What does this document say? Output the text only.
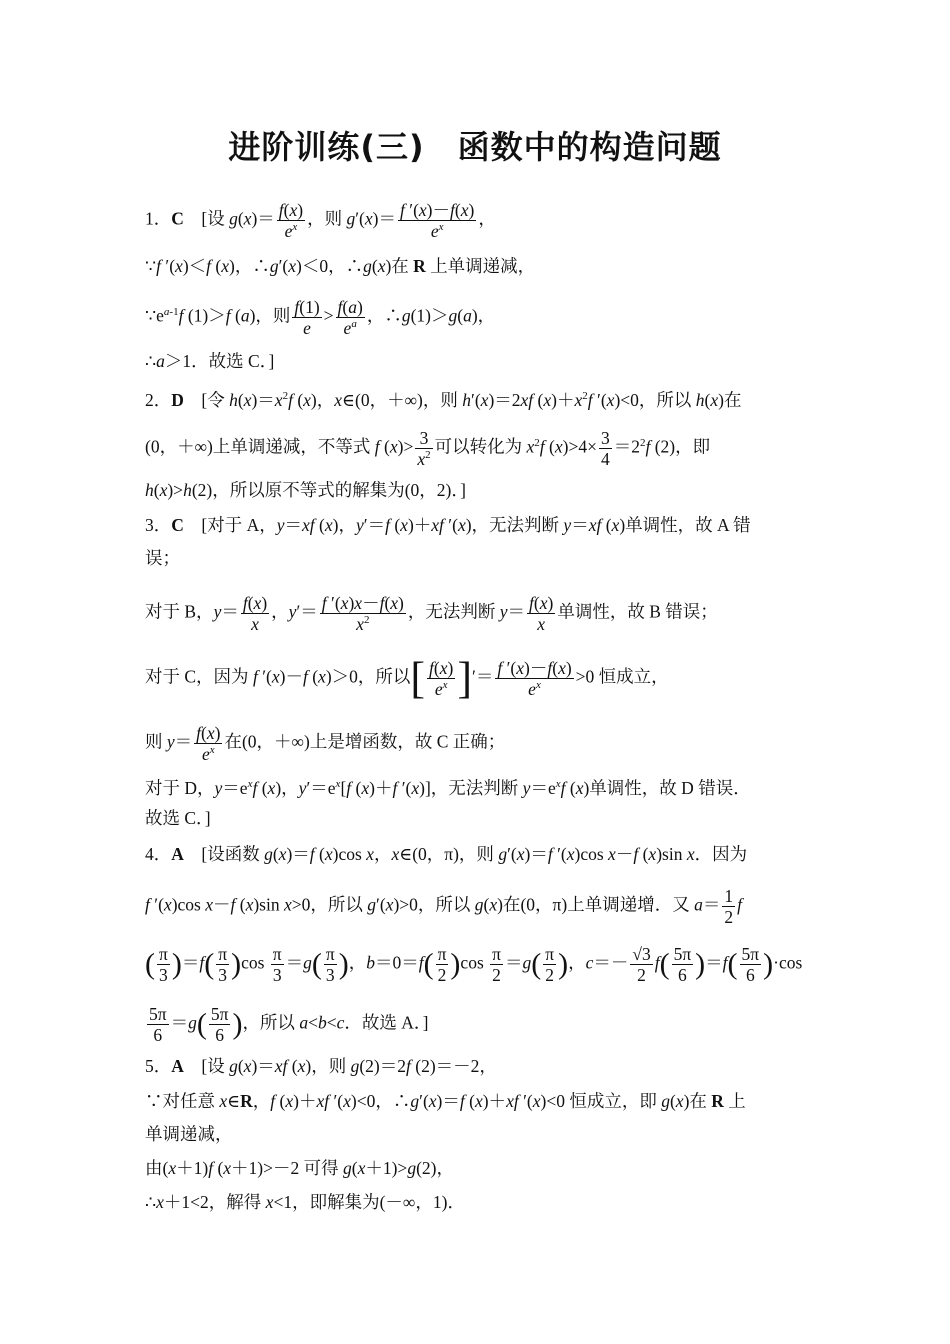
进阶训练(三)　函数中的构造问题
1．C　[设 $g(x)= \frac{f(x)}{e^x}$ ，则 $g'(x)= \frac{f '(x)-f(x)}{e^x}$ ，
∵f ′(x)＜f (x)，∴g′(x)＜0，∴g(x)在 R 上单调递减，
$\because e^{a-1}f$ (1)＞f (a)，则 $\frac{f(1)}{e} > \frac{f(a)}{e^a}$ ，∴g(1)＞g(a)，
∴a＞1．故选 C．]
2．D　[令 $h(x)=x^2f$ (x)，x∈(0，＋∞)，则 h′(x)＝2xf $(x)+x^2f$ ′(x)<0，所以 h(x)在
(0，＋∞)上单调递减，不等式 f $(x)> \frac{3}{x^2}$ 可以转化为 $x^2f$ $(x)>4\times \frac{3}{4} =2^2f$ (2)，即
h(x)>h(2)，所以原不等式的解集为(0，2)．]
3．C　[对于 A，y＝xf (x)，y′＝f (x)＋xf ′(x)，无法判断 y＝xf (x)单调性，故 A 错
误；
对于 B，$y= \frac{f(x)}{x}$ ，$y'= \frac{f '(x)x-f(x)}{x^2}$ ，无法判断 $y= \frac{f(x)}{x}$ 单调性，故 B 错误；
对于 C，因为 f ′(x)－f (x)＞0，所以[ $\frac{f(x)}{e^x}$ ]′＝ $\frac{f '(x)-f(x)}{e^x} >0$ 恒成立，
则 $y= \frac{f(x)}{e^x}$ 在(0，＋∞)上是增函数，故 C 正确；
对于 D，$y=e^xf$ (x)，$y'=e^x[f$ (x)＋f ′(x)]，无法判断 $y=e^xf$ (x)单调性，故 D 错误．
故选 C．]
4．A　[设函数 g(x)＝f (x)cos x，x∈(0，π)，则 g′(x)＝f ′(x)cos x－f (x)sin x．因为
f ′(x)cos x－f (x)sin x>0，所以 g′(x)>0，所以 g(x)在(0，π)上单调递增．又 $a= \frac{1}{2}$ f
( $\frac{\pi}{3} )=f( \frac{\pi}{3} )\cos \frac{\pi}{3} =g( \frac{\pi}{3}$ )，$b=0=f( \frac{\pi}{2} )\cos \frac{\pi}{2} =g( \frac{\pi}{2}$ )，$c=- \frac{√3}{2} f( \frac{5\pi}{6} )=f( \frac{5\pi}{6} )\cdot\cos$
$\frac{5\pi}{6} =g( \frac{5\pi}{6}$ )，所以 a<b<c．故选 A．]
5．A　[设 g(x)＝xf (x)，则 g(2)＝2f (2)＝－2，
∵对任意 x∈R，f (x)＋xf ′(x)<0，∴g′(x)＝f (x)＋xf ′(x)<0 恒成立，即 g(x)在 R 上
单调递减，
由(x＋1)f (x＋1)>－2 可得 g(x＋1)>g(2)，
∴x＋1<2，解得 x<1，即解集为(－∞，1)．
